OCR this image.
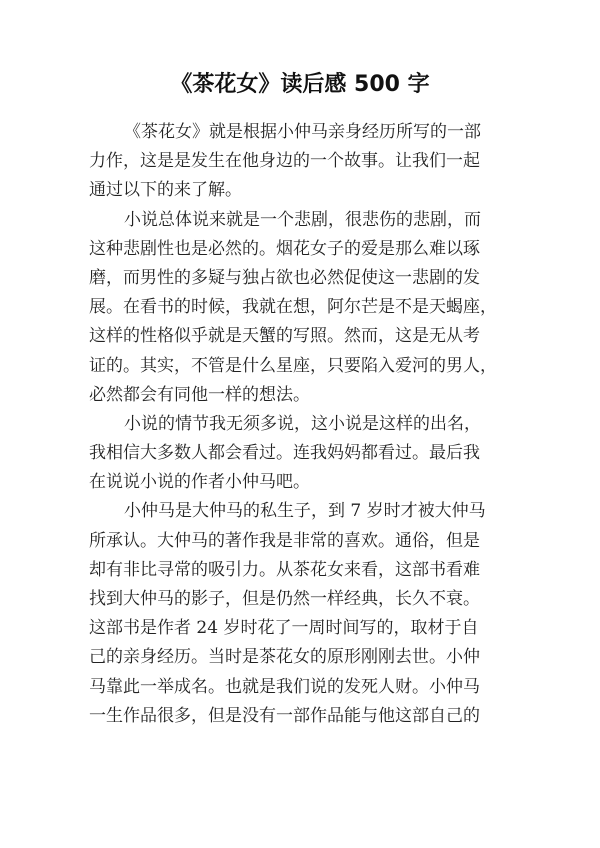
《茶花女》读后感 500 字
《茶花女》就是根据小仲马亲身经历所写的一部
力作，这是是发生在他身边的一个故事。让我们一起
通过以下的来了解。
小说总体说来就是一个悲剧，很悲伤的悲剧，而
这种悲剧性也是必然的。烟花女子的爱是那么难以琢
磨，而男性的多疑与独占欲也必然促使这一悲剧的发
展。在看书的时候，我就在想，阿尔芒是不是天蝎座，
这样的性格似乎就是天蟹的写照。然而，这是无从考
证的。其实，不管是什么星座，只要陷入爱河的男人，
必然都会有同他一样的想法。
小说的情节我无须多说，这小说是这样的出名，
我相信大多数人都会看过。连我妈妈都看过。最后我
在说说小说的作者小仲马吧。
小仲马是大仲马的私生子，到 7 岁时才被大仲马
所承认。大仲马的著作我是非常的喜欢。通俗，但是
却有非比寻常的吸引力。从茶花女来看，这部书看难
找到大仲马的影子，但是仍然一样经典，长久不衰。
这部书是作者 24 岁时花了一周时间写的，取材于自
己的亲身经历。当时是茶花女的原形刚刚去世。小仲
马靠此一举成名。也就是我们说的发死人财。小仲马
一生作品很多，但是没有一部作品能与他这部自己的
